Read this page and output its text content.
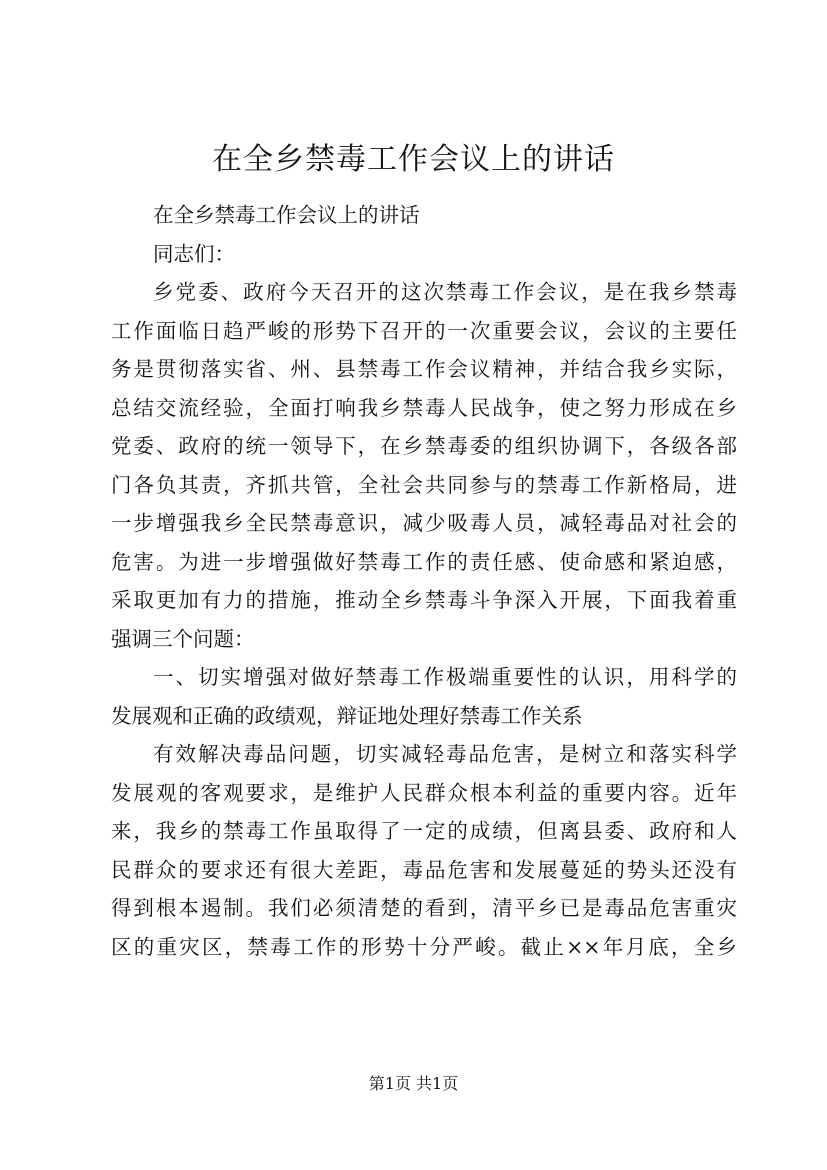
在全乡禁毒工作会议上的讲话
在全乡禁毒工作会议上的讲话
同志们：
乡党委、政府今天召开的这次禁毒工作会议，是在我乡禁毒
工作面临日趋严峻的形势下召开的一次重要会议，会议的主要任
务是贯彻落实省、州、县禁毒工作会议精神，并结合我乡实际，
总结交流经验，全面打响我乡禁毒人民战争，使之努力形成在乡
党委、政府的统一领导下，在乡禁毒委的组织协调下，各级各部
门各负其责，齐抓共管，全社会共同参与的禁毒工作新格局，进
一步增强我乡全民禁毒意识，减少吸毒人员，减轻毒品对社会的
危害。为进一步增强做好禁毒工作的责任感、使命感和紧迫感，
采取更加有力的措施，推动全乡禁毒斗争深入开展，下面我着重
强调三个问题：
一、切实增强对做好禁毒工作极端重要性的认识，用科学的
发展观和正确的政绩观，辩证地处理好禁毒工作关系
有效解决毒品问题，切实减轻毒品危害，是树立和落实科学
发展观的客观要求，是维护人民群众根本利益的重要内容。近年
来，我乡的禁毒工作虽取得了一定的成绩，但离县委、政府和人
民群众的要求还有很大差距，毒品危害和发展蔓延的势头还没有
得到根本遏制。我们必须清楚的看到，清平乡已是毒品危害重灾
区的重灾区，禁毒工作的形势十分严峻。截止××年月底，全乡
第1页 共1页
